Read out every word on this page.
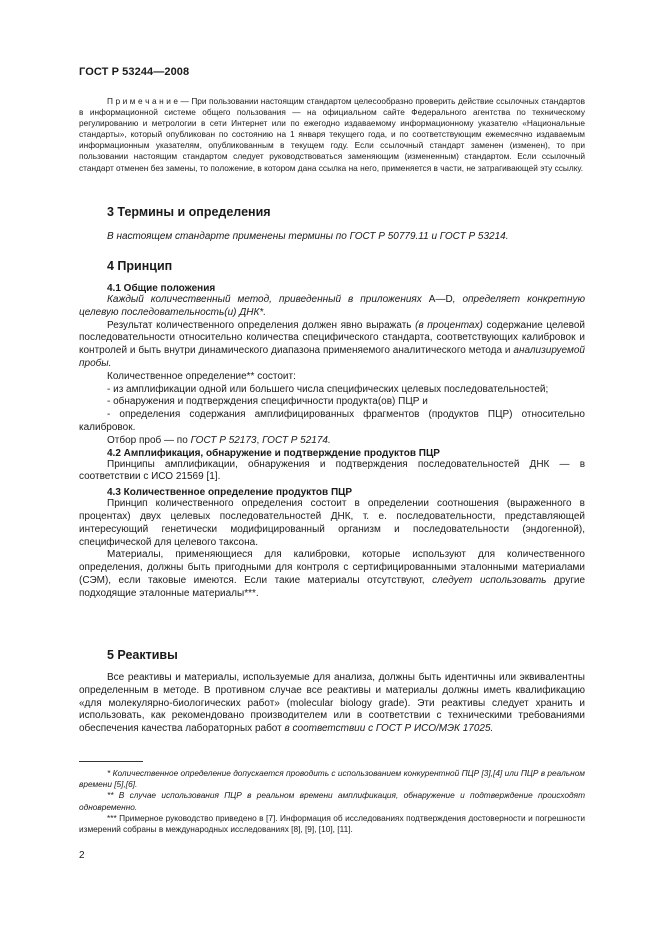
ГОСТ Р 53244—2008

П р и м е ч а н и е — При пользовании настоящим стандартом целесообразно проверить действие ссылочных стандартов в информационной системе общего пользования — на официальном сайте Федерального агентства по техническому регулированию и метрологии в сети Интернет или по ежегодно издаваемому информационному указателю «Национальные стандарты», который опубликован по состоянию на 1 января текущего года, и по соответствующим ежемесячно издаваемым информационным указателям, опубликованным в текущем году. Если ссылочный стандарт заменен (изменен), то при пользовании настоящим стандартом следует руководствоваться заменяющим (измененным) стандартом. Если ссылочный стандарт отменен без замены, то положение, в котором дана ссылка на него, применяется в части, не затрагивающей эту ссылку.

3 Термины и определения

В настоящем стандарте применены термины по ГОСТ Р 50779.11 и ГОСТ Р 53214.

4 Принцип

4.1 Общие положения

Каждый количественный метод, приведенный в приложениях A—D, определяет конкретную целевую последовательность(и) ДНК*.

Результат количественного определения должен явно выражать (в процентах) содержание целевой последовательности относительно количества специфического стандарта, соответствующих калибровок и контролей и быть внутри динамического диапазона применяемого аналитического метода и анализируемой пробы.

Количественное определение** состоит:

- из амплификации одной или большего числа специфических целевых последовательностей;

- обнаружения и подтверждения специфичности продукта(ов) ПЦР и

- определения содержания амплифицированных фрагментов (продуктов ПЦР) относительно калибровок.

Отбор проб — по ГОСТ Р 52173, ГОСТ Р 52174.

4.2 Амплификация, обнаружение и подтверждение продуктов ПЦР

Принципы амплификации, обнаружения и подтверждения последовательностей ДНК — в соответствии с ИСО 21569 [1].

4.3 Количественное определение продуктов ПЦР

Принцип количественного определения состоит в определении соотношения (выраженного в процентах) двух целевых последовательностей ДНК, т. е. последовательности, представляющей интересующий генетически модифицированный организм и последовательности (эндогенной), специфической для целевого таксона.

Материалы, применяющиеся для калибровки, которые используют для количественного определения, должны быть пригодными для контроля с сертифицированными эталонными материалами (СЭМ), если таковые имеются. Если такие материалы отсутствуют, следует использовать другие подходящие эталонные материалы***.

5 Реактивы

Все реактивы и материалы, используемые для анализа, должны быть идентичны или эквивалентны определенным в методе. В противном случае все реактивы и материалы должны иметь квалификацию «для молекулярно-биологических работ» (molecular biology grade). Эти реактивы следует хранить и использовать, как рекомендовано производителем или в соответствии с техническими требованиями обеспечения качества лабораторных работ в соответствии с ГОСТ Р ИСО/МЭК 17025.

* Количественное определение допускается проводить с использованием конкурентной ПЦР [3],[4] или ПЦР в реальном времени [5],[6].

** В случае использования ПЦР в реальном времени амплификация, обнаружение и подтверждение происходят одновременно.

*** Примерное руководство приведено в [7]. Информация об исследованиях подтверждения достоверности и погрешности измерений собраны в международных исследованиях [8], [9], [10], [11].

2
